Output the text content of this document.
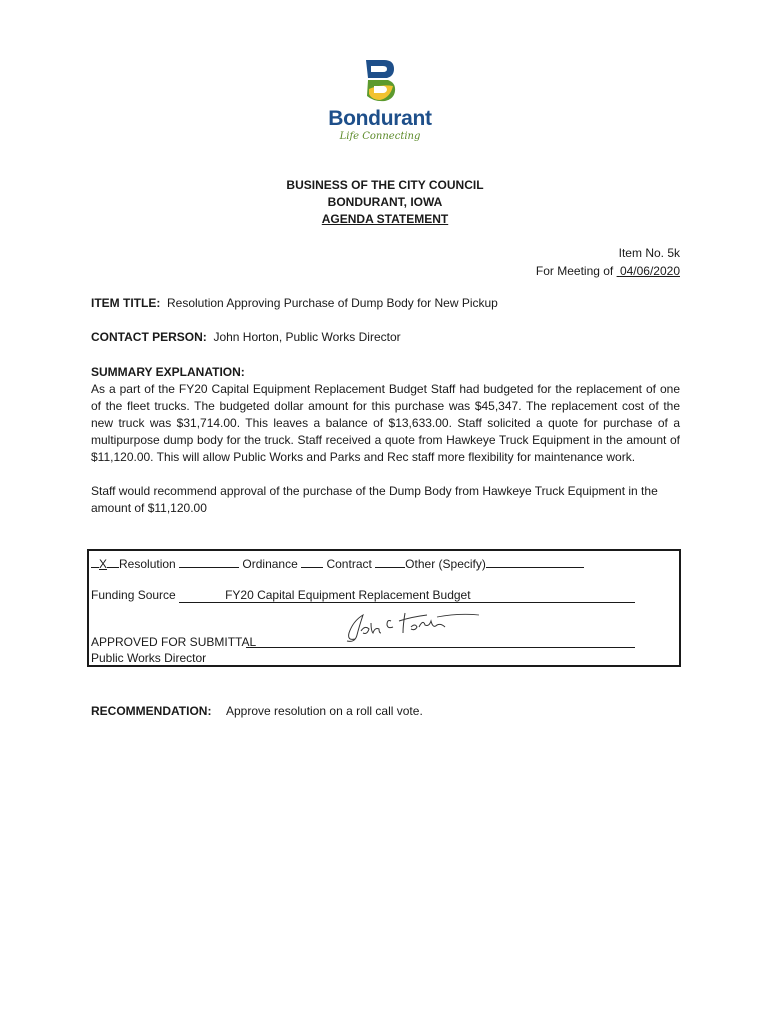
Bondurant
Life Connecting
BUSINESS OF THE CITY COUNCIL
BONDURANT, IOWA
AGENDA STATEMENT
Item No. 5k
For Meeting of  04/06/2020
ITEM TITLE: Resolution Approving Purchase of Dump Body for New Pickup
CONTACT PERSON: John Horton, Public Works Director
SUMMARY EXPLANATION:

As a part of the FY20 Capital Equipment Replacement Budget Staff had budgeted for the replacement of one of the fleet trucks. The budgeted dollar amount for this purchase was $45,347. The replacement cost of the new truck was $31,714.00. This leaves a balance of $13,633.00. Staff solicited a quote for purchase of a multipurpose dump body for the truck. Staff received a quote from Hawkeye Truck Equipment in the amount of $11,120.00. This will allow Public Works and Parks and Rec staff more flexibility for maintenance work.

Staff would recommend approval of the purchase of the Dump Body from Hawkeye Truck Equipment in the amount of $11,120.00

X Resolution	Ordinance Contract	Other (Specify)
Funding Source	FY20 Capital Equipment Replacement Budget
APPROVED FOR SUBMITTAL
Public Works Director
RECOMMENDATION: Approve resolution on a roll call vote.
